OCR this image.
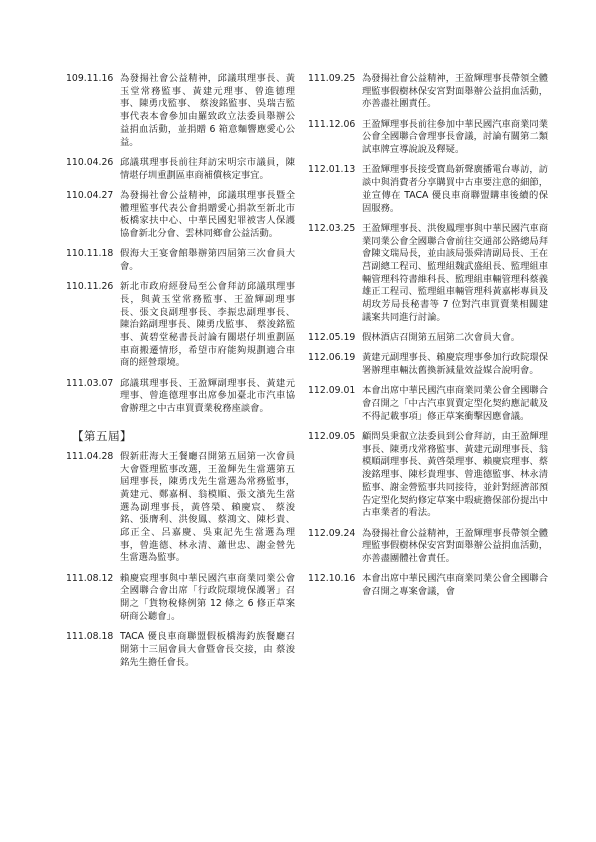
109.11.16 為發揚社會公益精神，邱議琪理事長、黃玉堂常務監事、黃建元理事、曾進德理事、陳勇戊監事、 蔡浚銘監事、吳瑞吉監事代表本會參加由羅致政立法委員舉辦公益捐血活動，並捐贈 6 箱意麵響應愛心公益。
110.04.26 邱議琪理事長前往拜訪宋明宗市議員，陳情堪仔圳重劃區車商補償核定事宜。
110.04.27 為發揚社會公益精神，邱議琪理事長暨全體理監事代表公會捐贈愛心捐款至新北市板橋家扶中心、中華民國犯罪被害人保護協會新北分會、雲林同鄉會公益活動。
110.11.18 假海大王宴會館舉辦第四屆第三次會員大會。
110.11.26 新北市政府經發局至公會拜訪邱議琪理事長，與黃玉堂常務監事、王盈輝副理事長、張文良副理事長、李振忠副理事長、陳治銘副理事長、陳勇戊監事、 蔡浚銘監事、黃碧堂秘書長討論有關堪仔圳重劃區車商搬遷情形，希望市府能夠規劃適合車商的經營環境。
111.03.07 邱議琪理事長、王盈輝副理事長、黃建元理事、曾進德理事出席參加臺北市汽車協會辦理之中古車買賣業稅務座談會。
【第五屆】
111.04.28 假新莊海大王餐廳召開第五屆第一次會員大會暨理監事改選，王盈輝先生當選第五屆理事長，陳勇戊先生當選為常務監事，黃建元、鄭嘉桐、翁模順、張文濱先生當選為副理事長，黃啓榮、賴慶宸、 蔡浚銘、張膺利、洪俊鳳、蔡鴻文、陳杉貴、邱正全、呂嘉慶、吳東記先生當選為理事，曾進德、林永清、蕭世忠、謝金營先生當選為監事。
111.08.12 賴慶宸理事與中華民國汽車商業同業公會全國聯合會出席「行政院環境保護署」召開之「貨物稅條例第 12 條之 6 修正草案研商公聽會」。
111.08.18 TACA 優良車商聯盟假板橋海釣族餐廳召開第十三屆會員大會暨會長交接，由 蔡浚銘先生擔任會長。
111.09.25 為發揚社會公益精神，王盈輝理事長帶領全體理監事假樹林保安宮對面舉辦公益捐血活動，亦善盡社團責任。
111.12.06 王盈輝理事長前往參加中華民國汽車商業同業公會全國聯合會理事長會議，討論有關第二類試車牌宣導說說及釋疑。
112.01.13 王盈輝理事長接受寶島新聲廣播電台專訪，訪談中與消費者分享購買中古車要注意的細節，並宣傳在 TACA 優良車商聯盟購車後續的保固服務。
112.03.25 王盈輝理事長、洪俊鳳理事與中華民國汽車商業同業公會全國聯合會前往交通部公路總局拜會陳文瑞局長，並由該局張舜清副局長、王在莒副總工程司、監理組魏武盛組長、監理組車輛管理科符書維科長、監理組車輛管理科蔡義雄正工程司、監理組車輛管理科黃嘉彬專員及胡玫芳局長秘書等 7 位對汽車買賣業相關建議案共同進行討論。
112.05.19 假林酒店召開第五屆第二次會員大會。
112.06.19 黃建元副理事長、賴慶宸理事參加行政院環保署辦理車輛汰舊換新減量效益媒合說明會。
112.09.01 本會出席中華民國汽車商業同業公會全國聯合會召開之「中古汽車買賣定型化契約應記載及不得記載事項」修正草案衝擊因應會議。
112.09.05 顧問吳秉叡立法委員到公會拜訪，由王盈輝理事長、陳勇戊常務監事、黃建元副理事長、翁模順副理事長、黃啓榮理事、賴慶宸理事、蔡浚銘理事、陳杉貴理事、曾進德監事、林永清監事、謝金營監事共同接待，並針對經濟部預告定型化契約修定草案中瑕疵擔保部份提出中古車業者的看法。
112.09.24 為發揚社會公益精神，王盈輝理事長帶領全體理監事假樹林保安宮對面舉辦公益捐血活動，亦善盡團體社會責任。
112.10.16 本會出席中華民國汽車商業同業公會全國聯合會召開之專案會議，會
